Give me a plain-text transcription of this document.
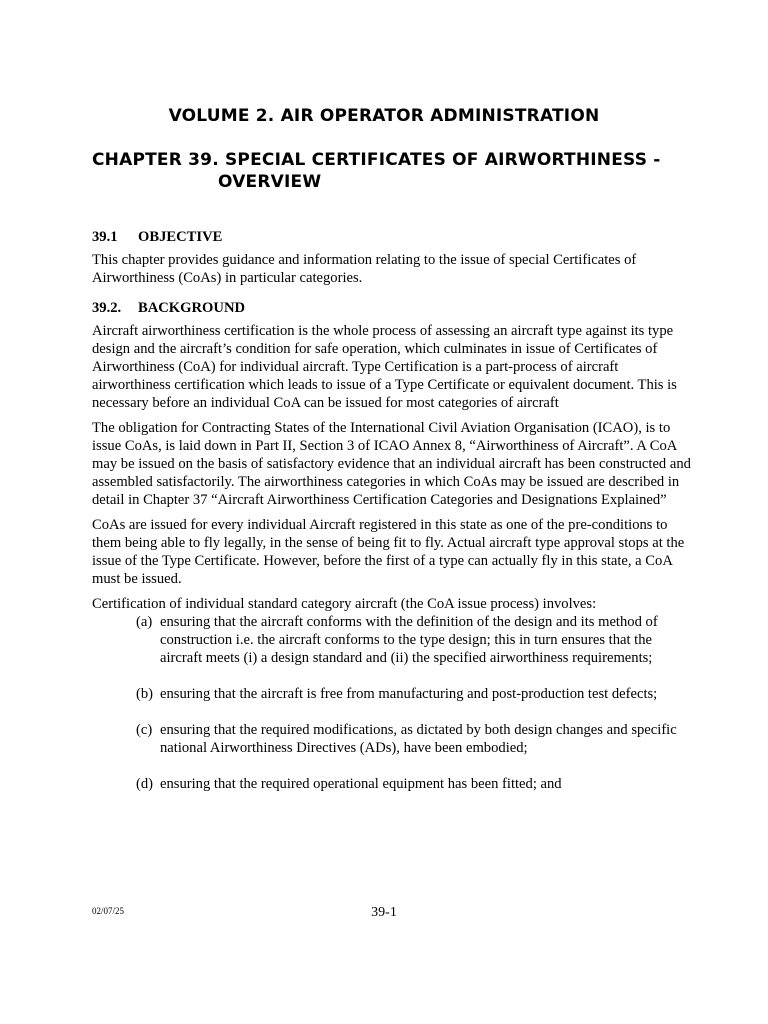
VOLUME 2. AIR OPERATOR ADMINISTRATION
CHAPTER 39. SPECIAL CERTIFICATES OF AIRWORTHINESS -
OVERVIEW
39.1 OBJECTIVE

This chapter provides guidance and information relating to the issue of special Certificates of Airworthiness (CoAs) in particular categories.

39.2. BACKGROUND

Aircraft airworthiness certification is the whole process of assessing an aircraft type against its type design and the aircraft’s condition for safe operation, which culminates in issue of Certificates of Airworthiness (CoA) for individual aircraft. Type Certification is a part-process of aircraft airworthiness certification which leads to issue of a Type Certificate or equivalent document. This is necessary before an individual CoA can be issued for most categories of aircraft

The obligation for Contracting States of the International Civil Aviation Organisation (ICAO), is to issue CoAs, is laid down in Part II, Section 3 of ICAO Annex 8, “Airworthiness of Aircraft”. A CoA may be issued on the basis of satisfactory evidence that an individual aircraft has been constructed and assembled satisfactorily. The airworthiness categories in which CoAs may be issued are described in detail in Chapter 37 “Aircraft Airworthiness Certification Categories and Designations Explained”

CoAs are issued for every individual Aircraft registered in this state as one of the pre-conditions to them being able to fly legally, in the sense of being fit to fly. Actual aircraft type approval stops at the issue of the Type Certificate. However, before the first of a type can actually fly in this state, a CoA must be issued.

Certification of individual standard category aircraft (the CoA issue process) involves:

(a) ensuring that the aircraft conforms with the definition of the design and its method of construction i.e. the aircraft conforms to the type design; this in turn ensures that the aircraft meets (i) a design standard and (ii) the specified airworthiness requirements;
(b) ensuring that the aircraft is free from manufacturing and post-production test defects;
(c) ensuring that the required modifications, as dictated by both design changes and specific national Airworthiness Directives (ADs), have been embodied;
(d) ensuring that the required operational equipment has been fitted; and
02/07/25	39-1
